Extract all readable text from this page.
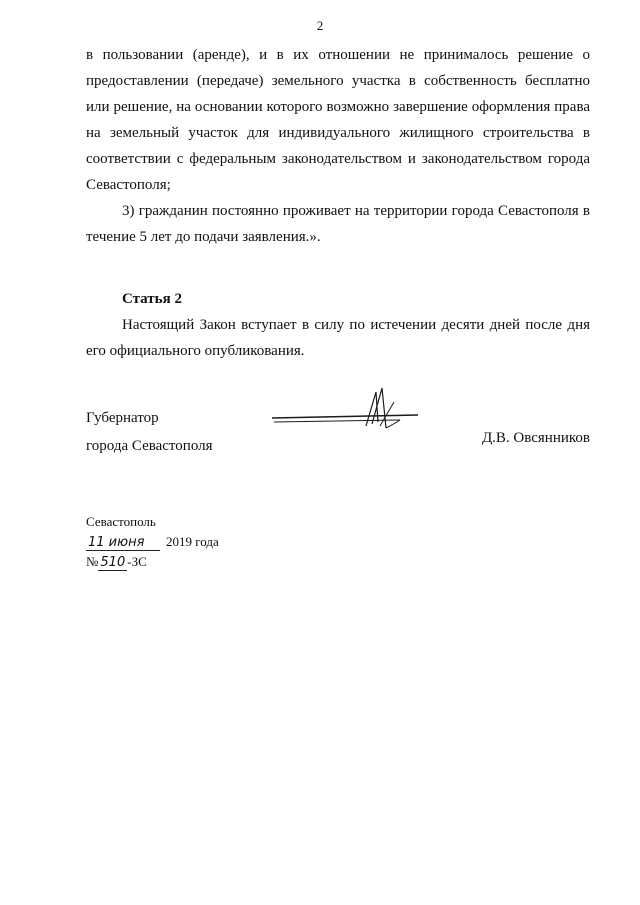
2

в пользовании (аренде), и в их отношении не принималось решение о предоставлении (передаче) земельного участка в собственность бесплатно или решение, на основании которого возможно завершение оформления права на земельный участок для индивидуального жилищного строительства в соответствии с федеральным законодательством и законодательством города Севастополя;

3) гражданин постоянно проживает на территории города Севастополя в течение 5 лет до подачи заявления.».

Статья 2

Настоящий Закон вступает в силу по истечении десяти дней после дня его официального опубликования.

Губернатор
города Севастополя	Д.В. Овсянников
Севастополь
11 июня 2019 года
№ 510 -ЗС
